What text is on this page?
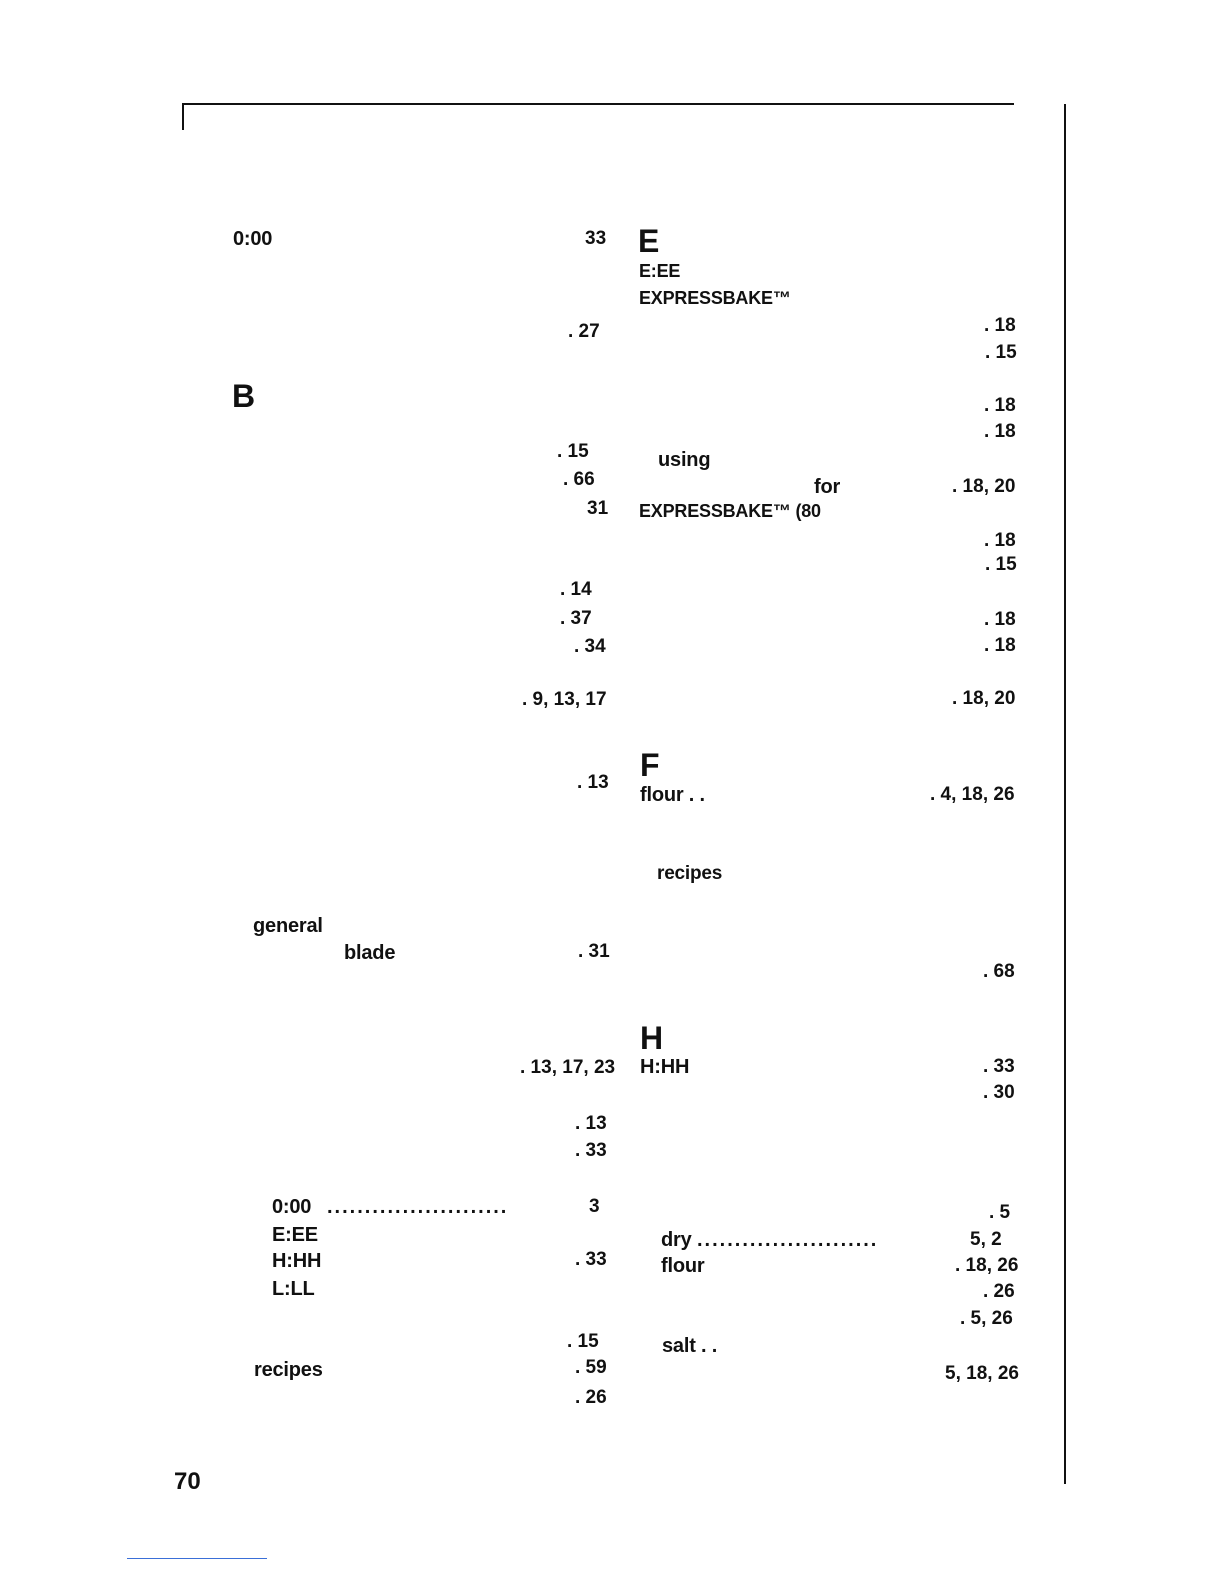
0:00	33
. 27
B
. 15
. 66
31
. 14
. 37
. 34
. 9, 13, 17
. 13
general
blade	. 31
. 13, 17, 23
. 13
. 33
0:00 ........................	3
E:EE
H:HH	. 33
L:LL
. 15
recipes	. 59
. 26
E
E:EE
EXPRESSBAKE™
. 18
. 15
. 18
. 18
using
for	. 18, 20
EXPRESSBAKE™ (80
. 18
. 15
. 18
. 18
. 18, 20
F
flour . .	. 4, 18, 26
recipes
. 68
H
H:HH	. 33
. 30
. 5
dry ........................	5, 2
flour	. 18, 26
. 26
. 5, 26
salt . .
5, 18, 26
70
